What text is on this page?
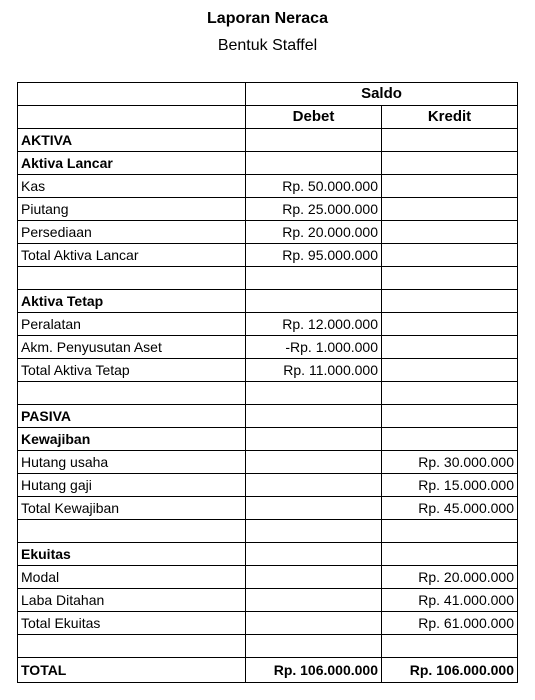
Laporan Neraca
Bentuk Staffel
	Saldo	
	Debet	Kredit
AKTIVA		
Aktiva Lancar		
Kas	Rp. 50.000.000	
Piutang	Rp. 25.000.000	
Persediaan	Rp. 20.000.000	
Total Aktiva Lancar	Rp. 95.000.000	

Aktiva Tetap		
Peralatan	Rp. 12.000.000	
Akm. Penyusutan Aset	-Rp. 1.000.000	
Total Aktiva Tetap	Rp. 11.000.000	

PASIVA		
Kewajiban		
Hutang usaha		Rp. 30.000.000
Hutang gaji		Rp. 15.000.000
Total Kewajiban		Rp. 45.000.000

Ekuitas		
Modal		Rp. 20.000.000
Laba Ditahan		Rp. 41.000.000
Total Ekuitas		Rp. 61.000.000

TOTAL	Rp. 106.000.000	Rp. 106.000.000
